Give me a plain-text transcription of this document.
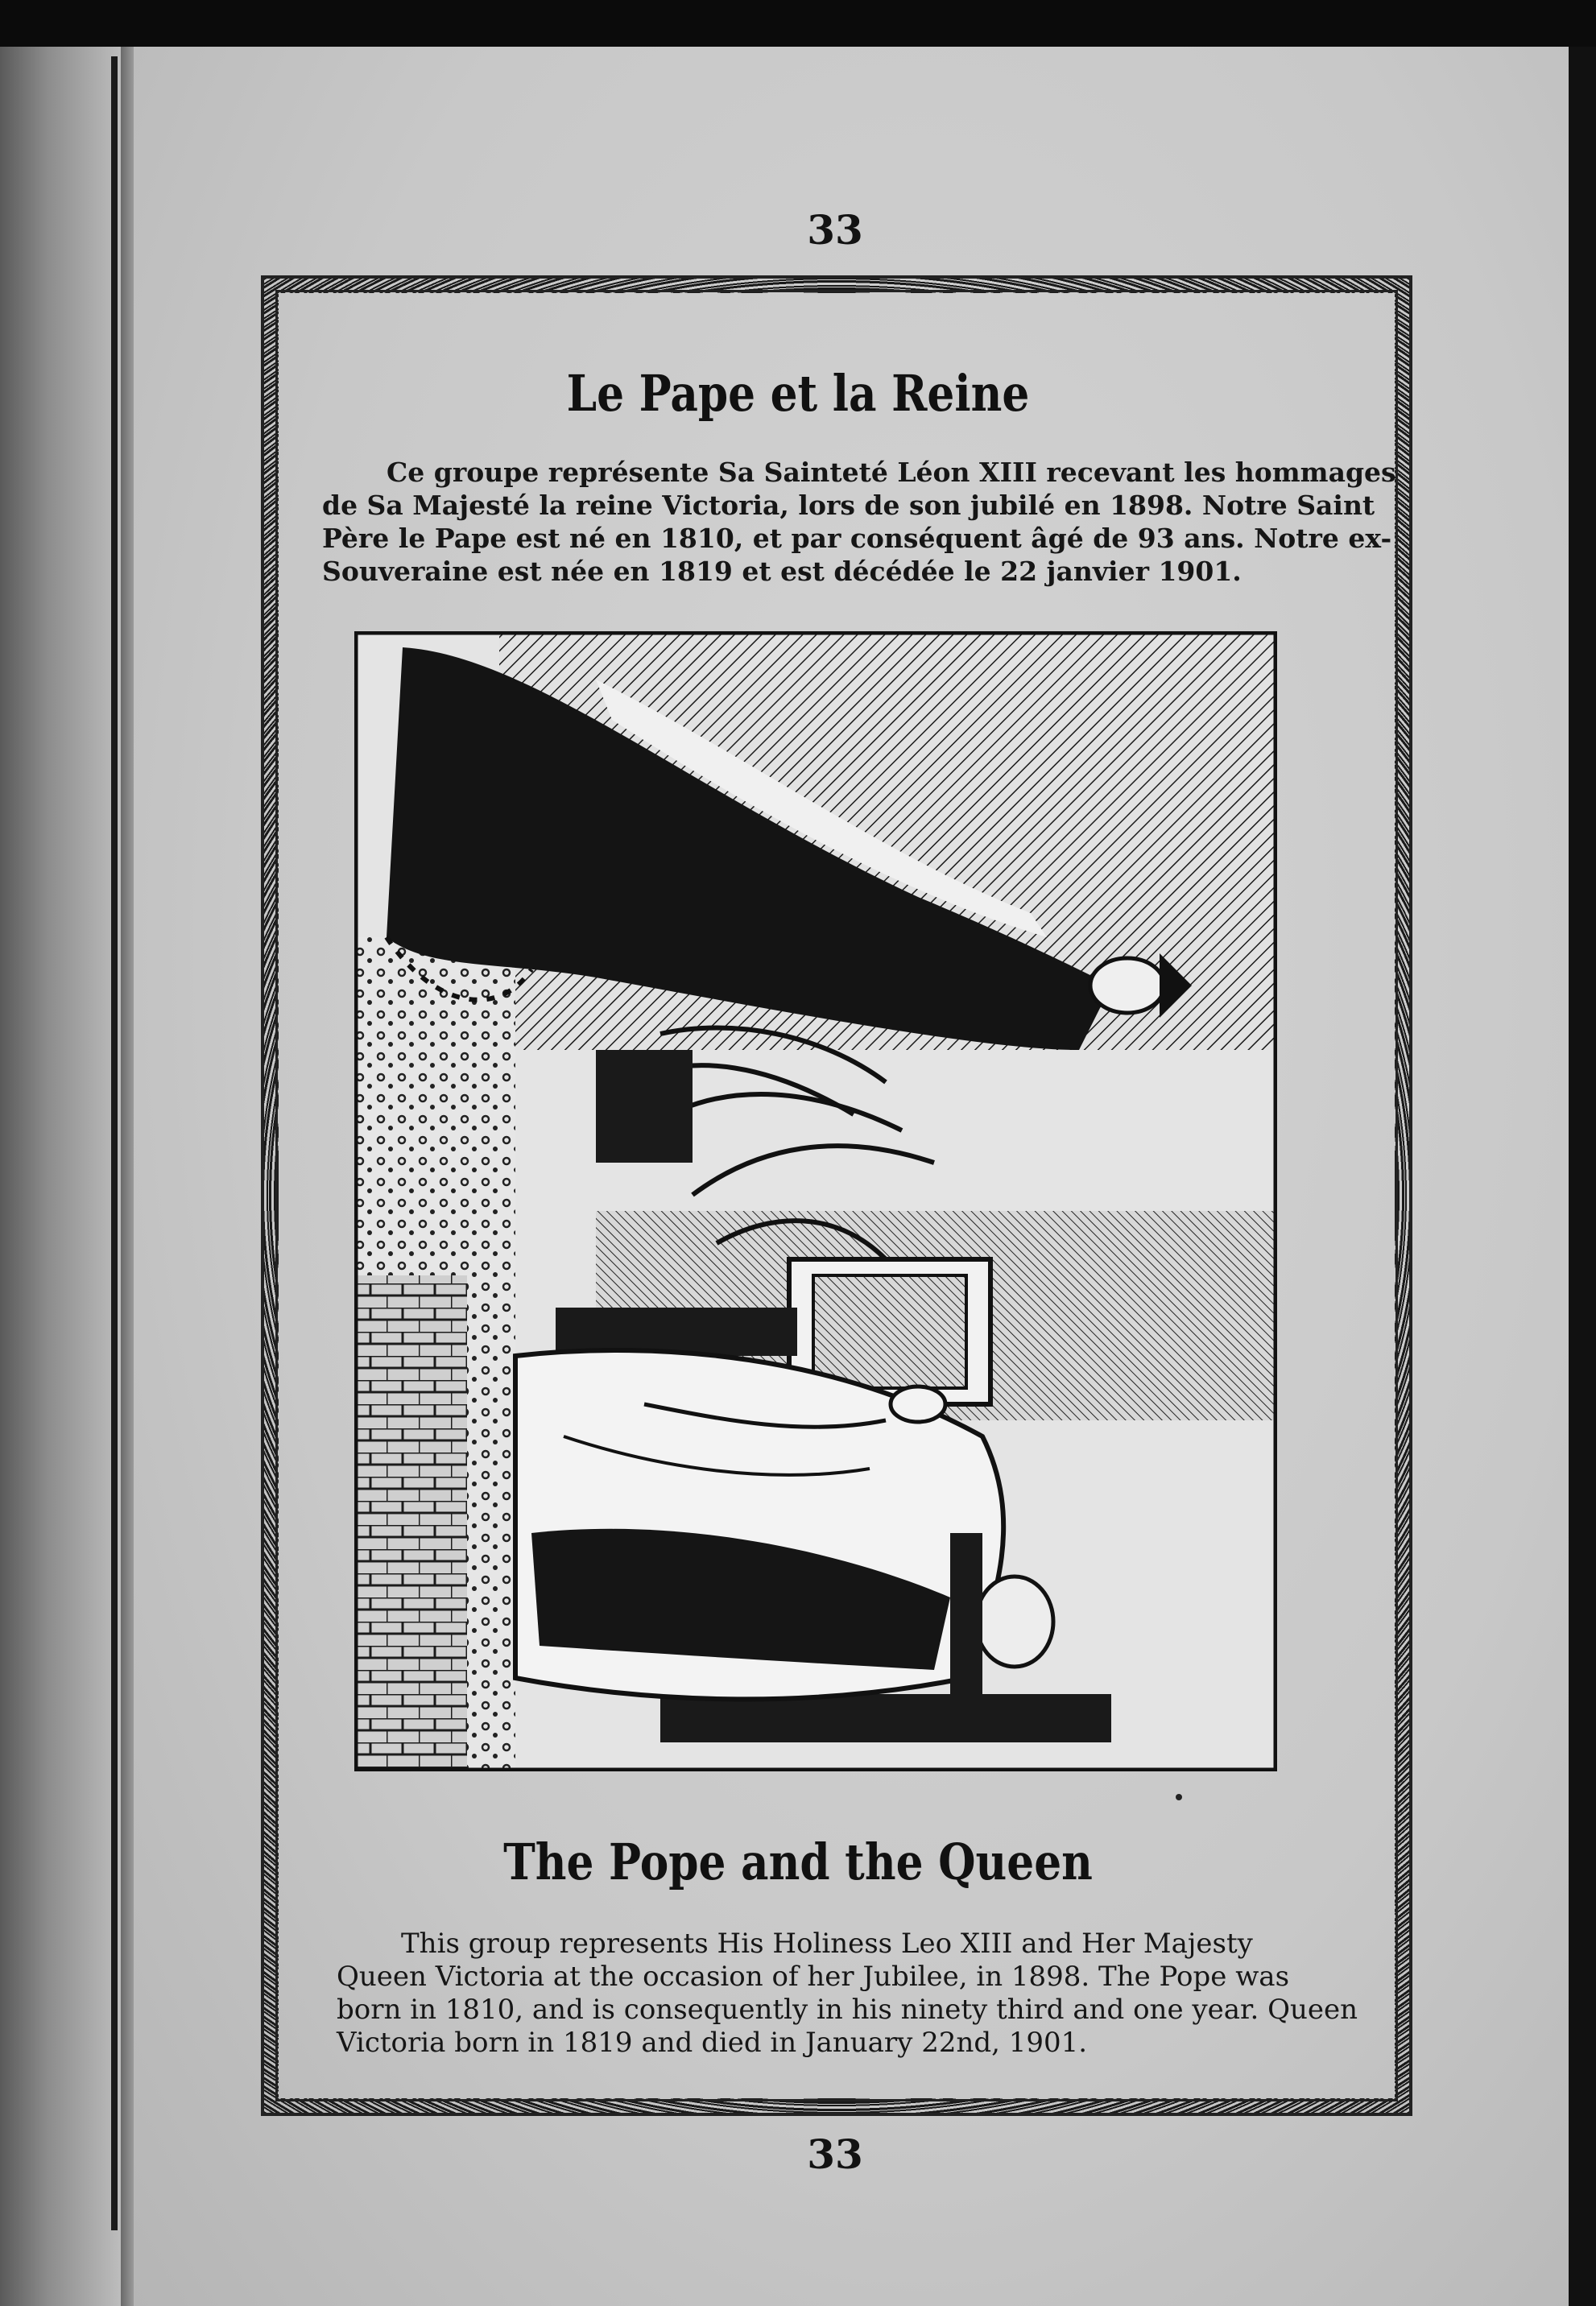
33
Le Pape et la Reine
Ce groupe représente Sa Sainteté Léon XIII recevant les hommages
de Sa Majesté la reine Victoria, lors de son jubilé en 1898. Notre Saint
Père le Pape est né en 1810, et par conséquent âgé de 93 ans. Notre ex-
Souveraine est née en 1819 et est décédée le 22 janvier 1901.
The Pope and the Queen
This group represents His Holiness Leo XIII and Her Majesty
Queen Victoria at the occasion of her Jubilee, in 1898. The Pope was
born in 1810, and is consequently in his ninety third and one year. Queen
Victoria born in 1819 and died in January 22nd, 1901.
33
